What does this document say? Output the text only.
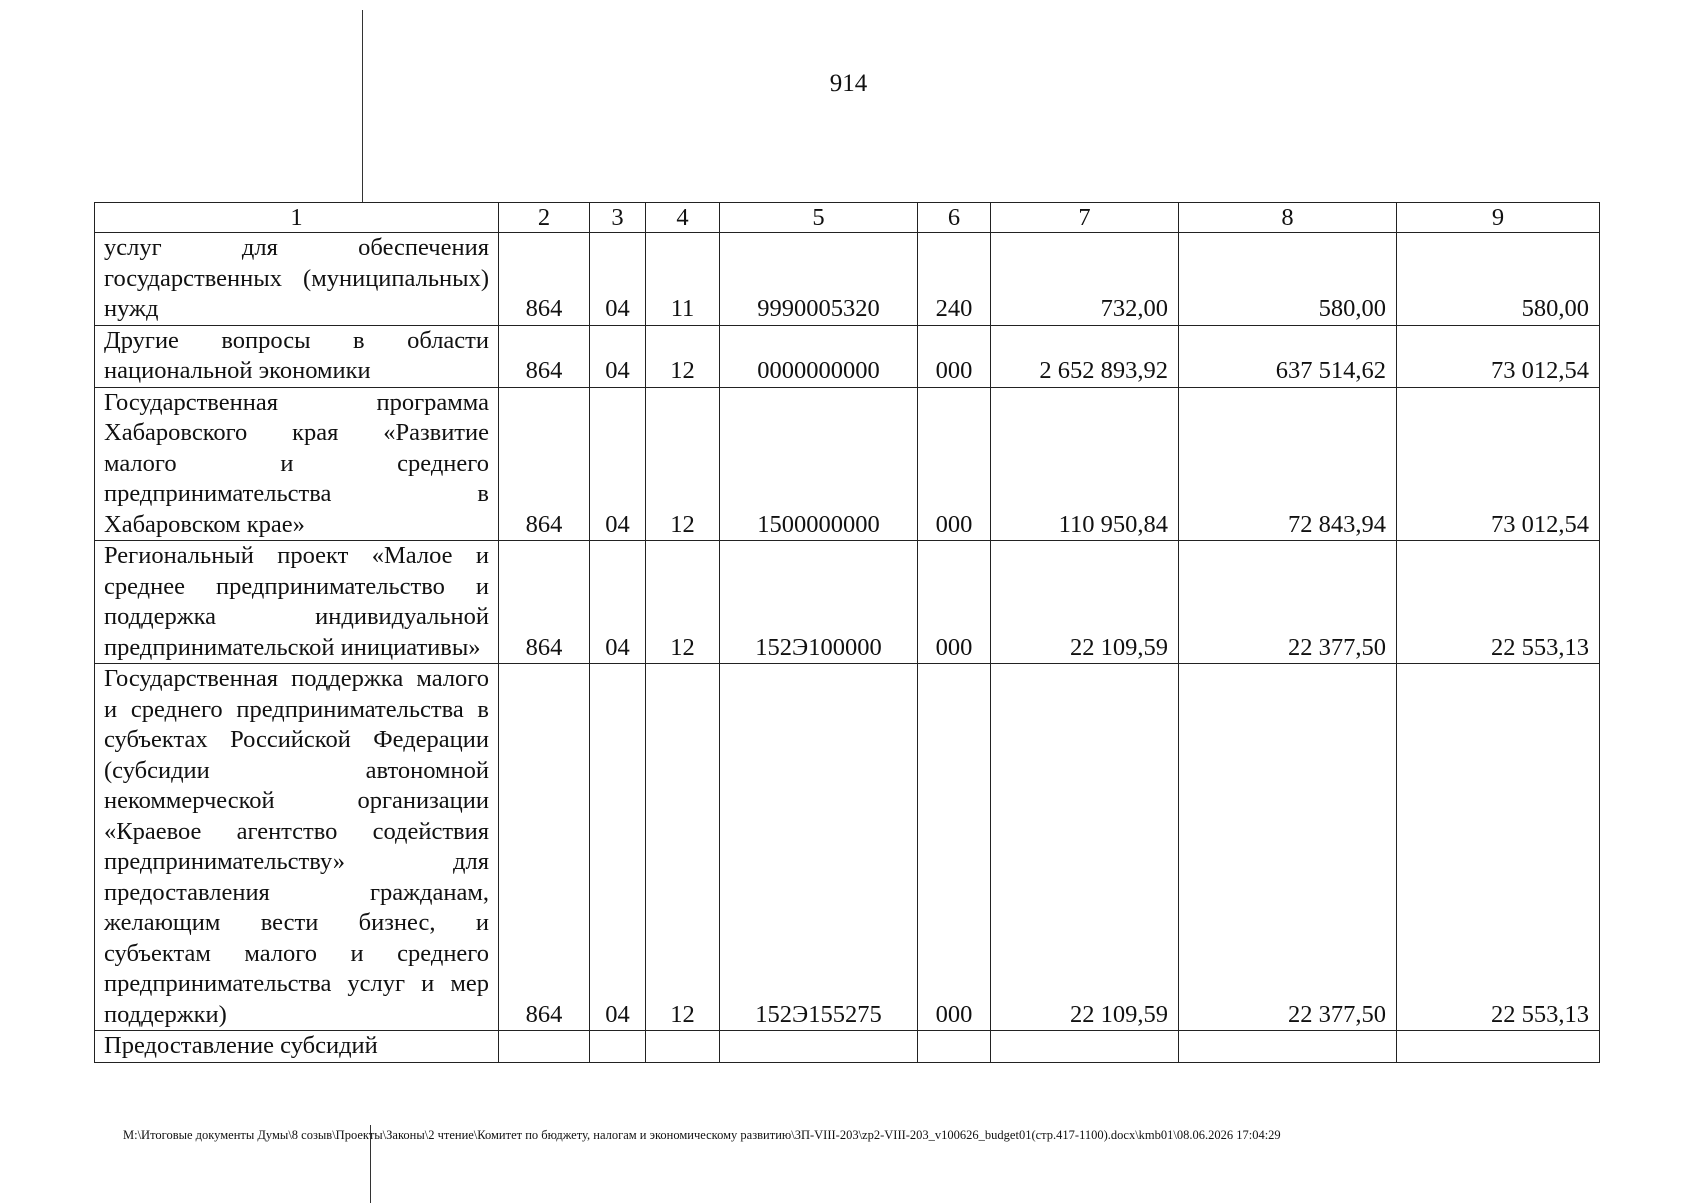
914
1	2	3	4	5	6	7	8	9
услуг для обеспечения государственных (муниципальных) нужд	864	04	11	9990005320	240	732,00	580,00	580,00
Другие вопросы в области национальной экономики	864	04	12	0000000000	000	2 652 893,92	637 514,62	73 012,54
Государственная программа Хабаровского края «Развитие малого и среднего предпринимательства в Хабаровском крае»	864	04	12	1500000000	000	110 950,84	72 843,94	73 012,54
Региональный проект «Малое и среднее предпринимательство и поддержка индивидуальной предпринимательской инициативы»	864	04	12	152Э100000	000	22 109,59	22 377,50	22 553,13
Государственная поддержка малого и среднего предпринимательства в субъектах Российской Федерации (субсидии автономной некоммерческой организации «Краевое агентство содействия предпринимательству» для предоставления гражданам, желающим вести бизнес, и субъектам малого и среднего предпринимательства услуг и мер поддержки)	864	04	12	152Э155275	000	22 109,59	22 377,50	22 553,13
Предоставление субсидий								
M:\Итоговые документы Думы\8 созыв\Проекты\Законы\2 чтение\Комитет по бюджету, налогам и экономическому развитию\ЗП-VIII-203\zp2-VIII-203_v100626_budget01(стр.417-1100).docx\kmb01\08.06.2026 17:04:29
